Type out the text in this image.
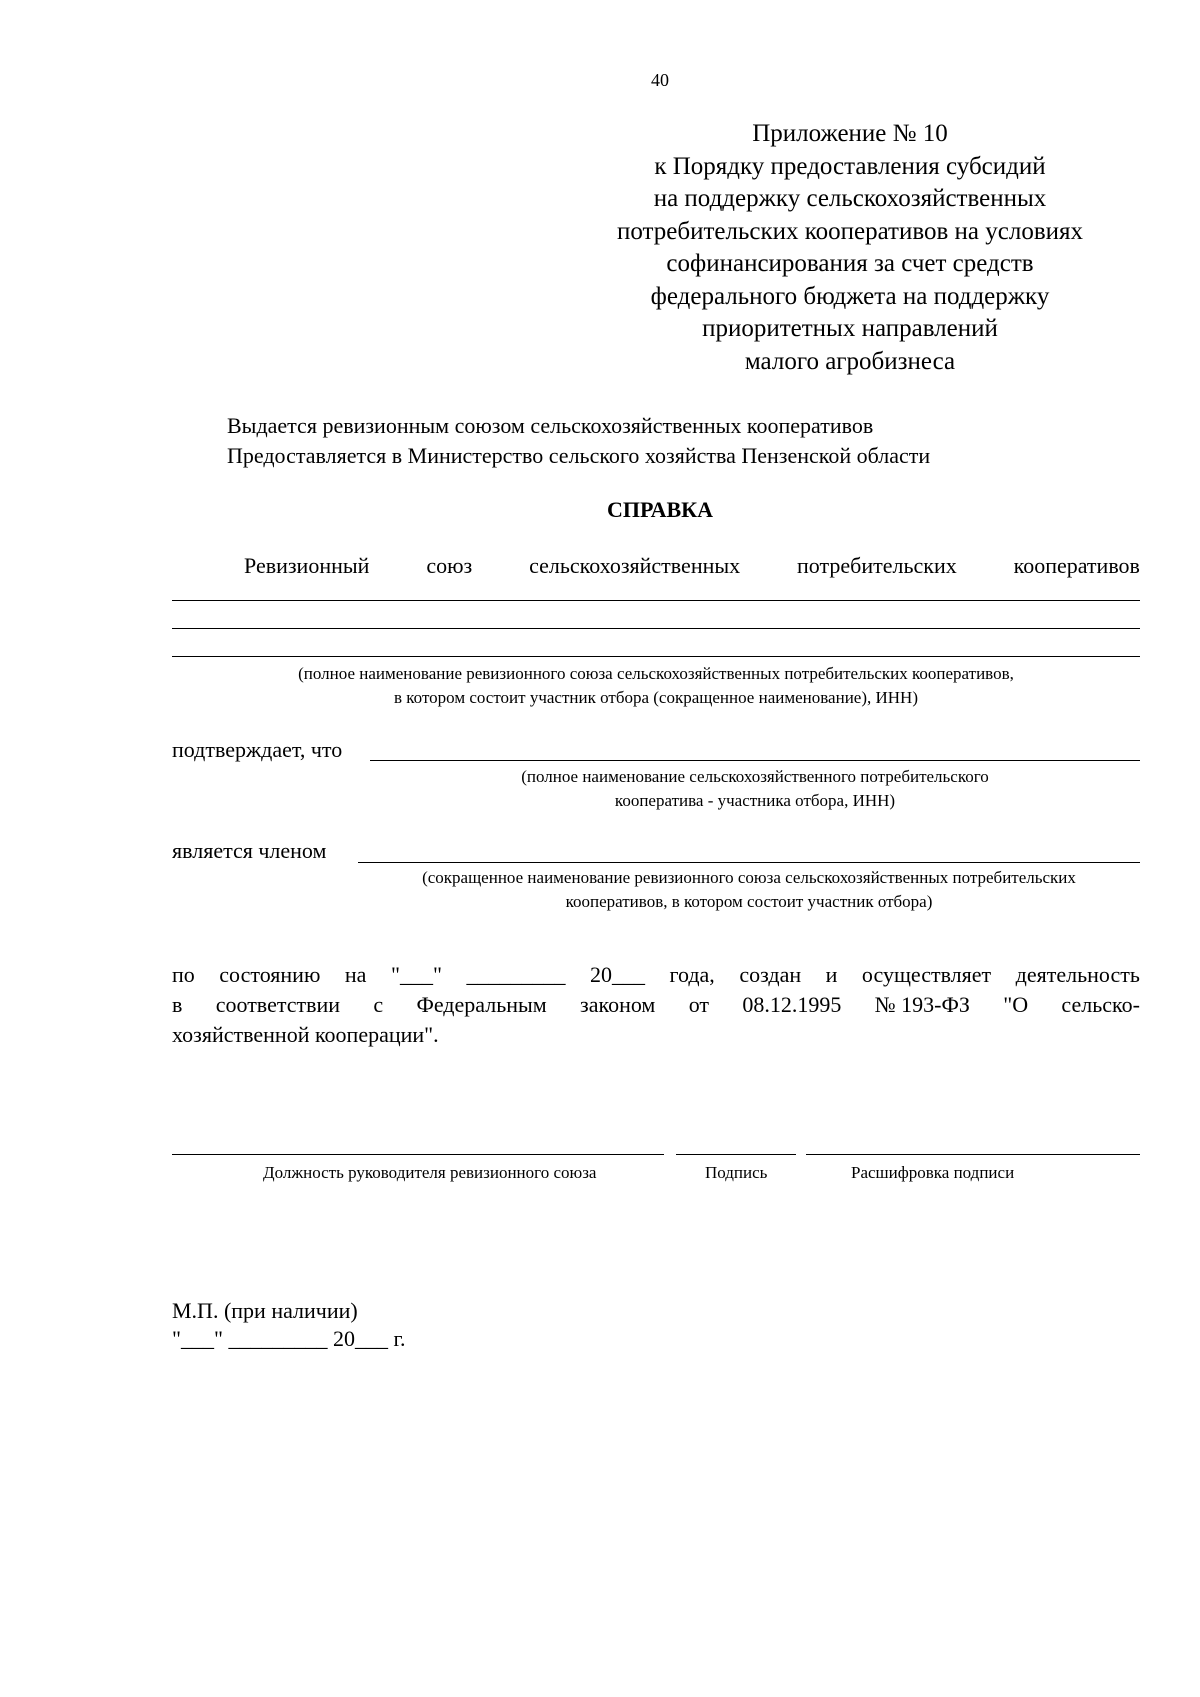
40
Приложение № 10
к Порядку предоставления субсидий
на поддержку сельскохозяйственных
потребительских кооперативов на условиях
софинансирования за счет средств
федерального бюджета на поддержку
приоритетных направлений
малого агробизнеса
Выдается ревизионным союзом сельскохозяйственных кооперативов
Предоставляется в Министерство сельского хозяйства Пензенской области
СПРАВКА
Ревизионный	союз	сельскохозяйственных	потребительских	кооперативов
(полное наименование ревизионного союза сельскохозяйственных потребительских кооперативов,
в котором состоит участник отбора (сокращенное наименование), ИНН)
подтверждает, что
(полное наименование сельскохозяйственного потребительского
кооператива - участника отбора, ИНН)
является членом
(сокращенное наименование ревизионного союза сельскохозяйственных потребительских
кооперативов, в котором состоит участник отбора)
по состоянию на "___" _________ 20___ года, создан и осуществляет деятельность
в соответствии с Федеральным законом от 08.12.1995 № 193-ФЗ "О сельско-
хозяйственной кооперации".
Должность руководителя ревизионного союза	Подпись	Расшифровка подписи
М.П. (при наличии)
"___" _________ 20___ г.
